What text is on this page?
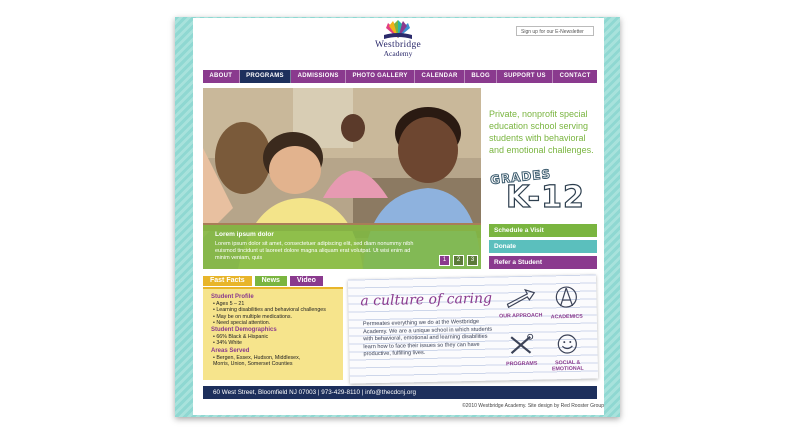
Sign up for our E-Newsletter
Westbridge
Academy
ABOUT	PROGRAMS	ADMISSIONS	PHOTO GALLERY	CALENDAR	BLOG	SUPPORT US	CONTACT
Lorem ipsum dolor
Lorem ipsum dolor sit amet, consectetuer adipiscing elit, sed diam nonummy nibh euismod tincidunt ut laoreet dolore magna aliquam erat volutpat. Ut wisi enim ad minim veniam, quis	1	2	3
Private, nonprofit special education school serving students with behavioral and emotional challenges.
GRADES
K-12
Schedule a Visit
Donate
Refer a Student
Fast Facts	News	Video
Student Profile
• Ages 5 – 21
• Learning disabilities and behavioral challenges
• May be on multiple medications.
• Need special attention.
Student Demographics
• 66% Black & Hispanic
• 34% White
Areas Served
• Bergen, Essex, Hudson, Middlesex,
Morris, Union, Somerset Counties
a culture of caring
Permeates everything we do at the Westbridge Academy. We are a unique school in which students with behavioral, emotional and learning disabilities learn how to face their issues so they can have productive, fulfilling lives.
OUR APPROACH	ACADEMICS
PROGRAMS	SOCIAL & EMOTIONAL
60 West Street, Bloomfield NJ 07003 | 973-429-8110 | info@thecdcnj.org
©2010 Westbridge Academy. Site design by Red Rooster Group
